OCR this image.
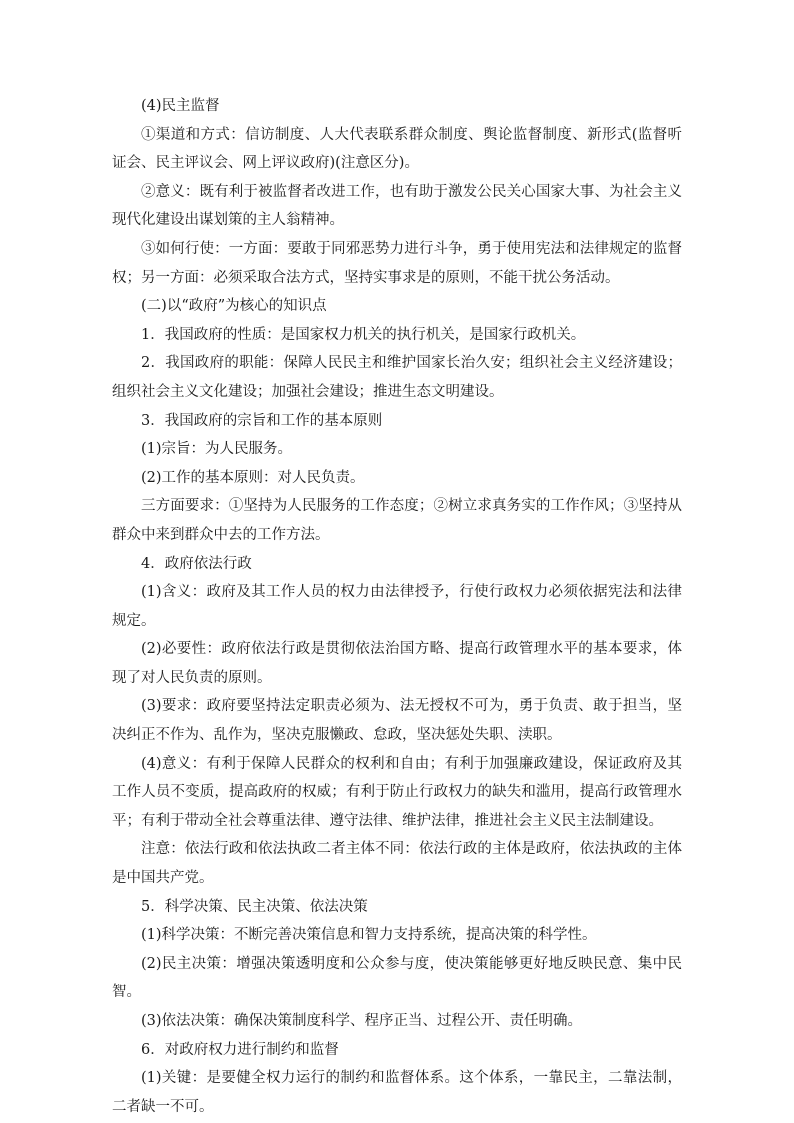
(4)民主监督

①渠道和方式：信访制度、人大代表联系群众制度、舆论监督制度、新形式(监督听证会、民主评议会、网上评议政府)(注意区分)。

②意义：既有利于被监督者改进工作，也有助于激发公民关心国家大事、为社会主义现代化建设出谋划策的主人翁精神。

③如何行使：一方面：要敢于同邪恶势力进行斗争，勇于使用宪法和法律规定的监督权；另一方面：必须采取合法方式，坚持实事求是的原则，不能干扰公务活动。

(二)以“政府”为核心的知识点

1．我国政府的性质：是国家权力机关的执行机关，是国家行政机关。

2．我国政府的职能：保障人民民主和维护国家长治久安；组织社会主义经济建设；组织社会主义文化建设；加强社会建设；推进生态文明建设。

3．我国政府的宗旨和工作的基本原则

(1)宗旨：为人民服务。

(2)工作的基本原则：对人民负责。

三方面要求：①坚持为人民服务的工作态度；②树立求真务实的工作作风；③坚持从群众中来到群众中去的工作方法。

4．政府依法行政

(1)含义：政府及其工作人员的权力由法律授予，行使行政权力必须依据宪法和法律规定。

(2)必要性：政府依法行政是贯彻依法治国方略、提高行政管理水平的基本要求，体现了对人民负责的原则。

(3)要求：政府要坚持法定职责必须为、法无授权不可为，勇于负责、敢于担当，坚决纠正不作为、乱作为，坚决克服懒政、怠政，坚决惩处失职、渎职。

(4)意义：有利于保障人民群众的权利和自由；有利于加强廉政建设，保证政府及其工作人员不变质，提高政府的权威；有利于防止行政权力的缺失和滥用，提高行政管理水平；有利于带动全社会尊重法律、遵守法律、维护法律，推进社会主义民主法制建设。

注意：依法行政和依法执政二者主体不同：依法行政的主体是政府，依法执政的主体是中国共产党。

5．科学决策、民主决策、依法决策

(1)科学决策：不断完善决策信息和智力支持系统，提高决策的科学性。

(2)民主决策：增强决策透明度和公众参与度，使决策能够更好地反映民意、集中民智。

(3)依法决策：确保决策制度科学、程序正当、过程公开、责任明确。

6．对政府权力进行制约和监督

(1)关键：是要健全权力运行的制约和监督体系。这个体系，一靠民主，二靠法制，二者缺一不可。
